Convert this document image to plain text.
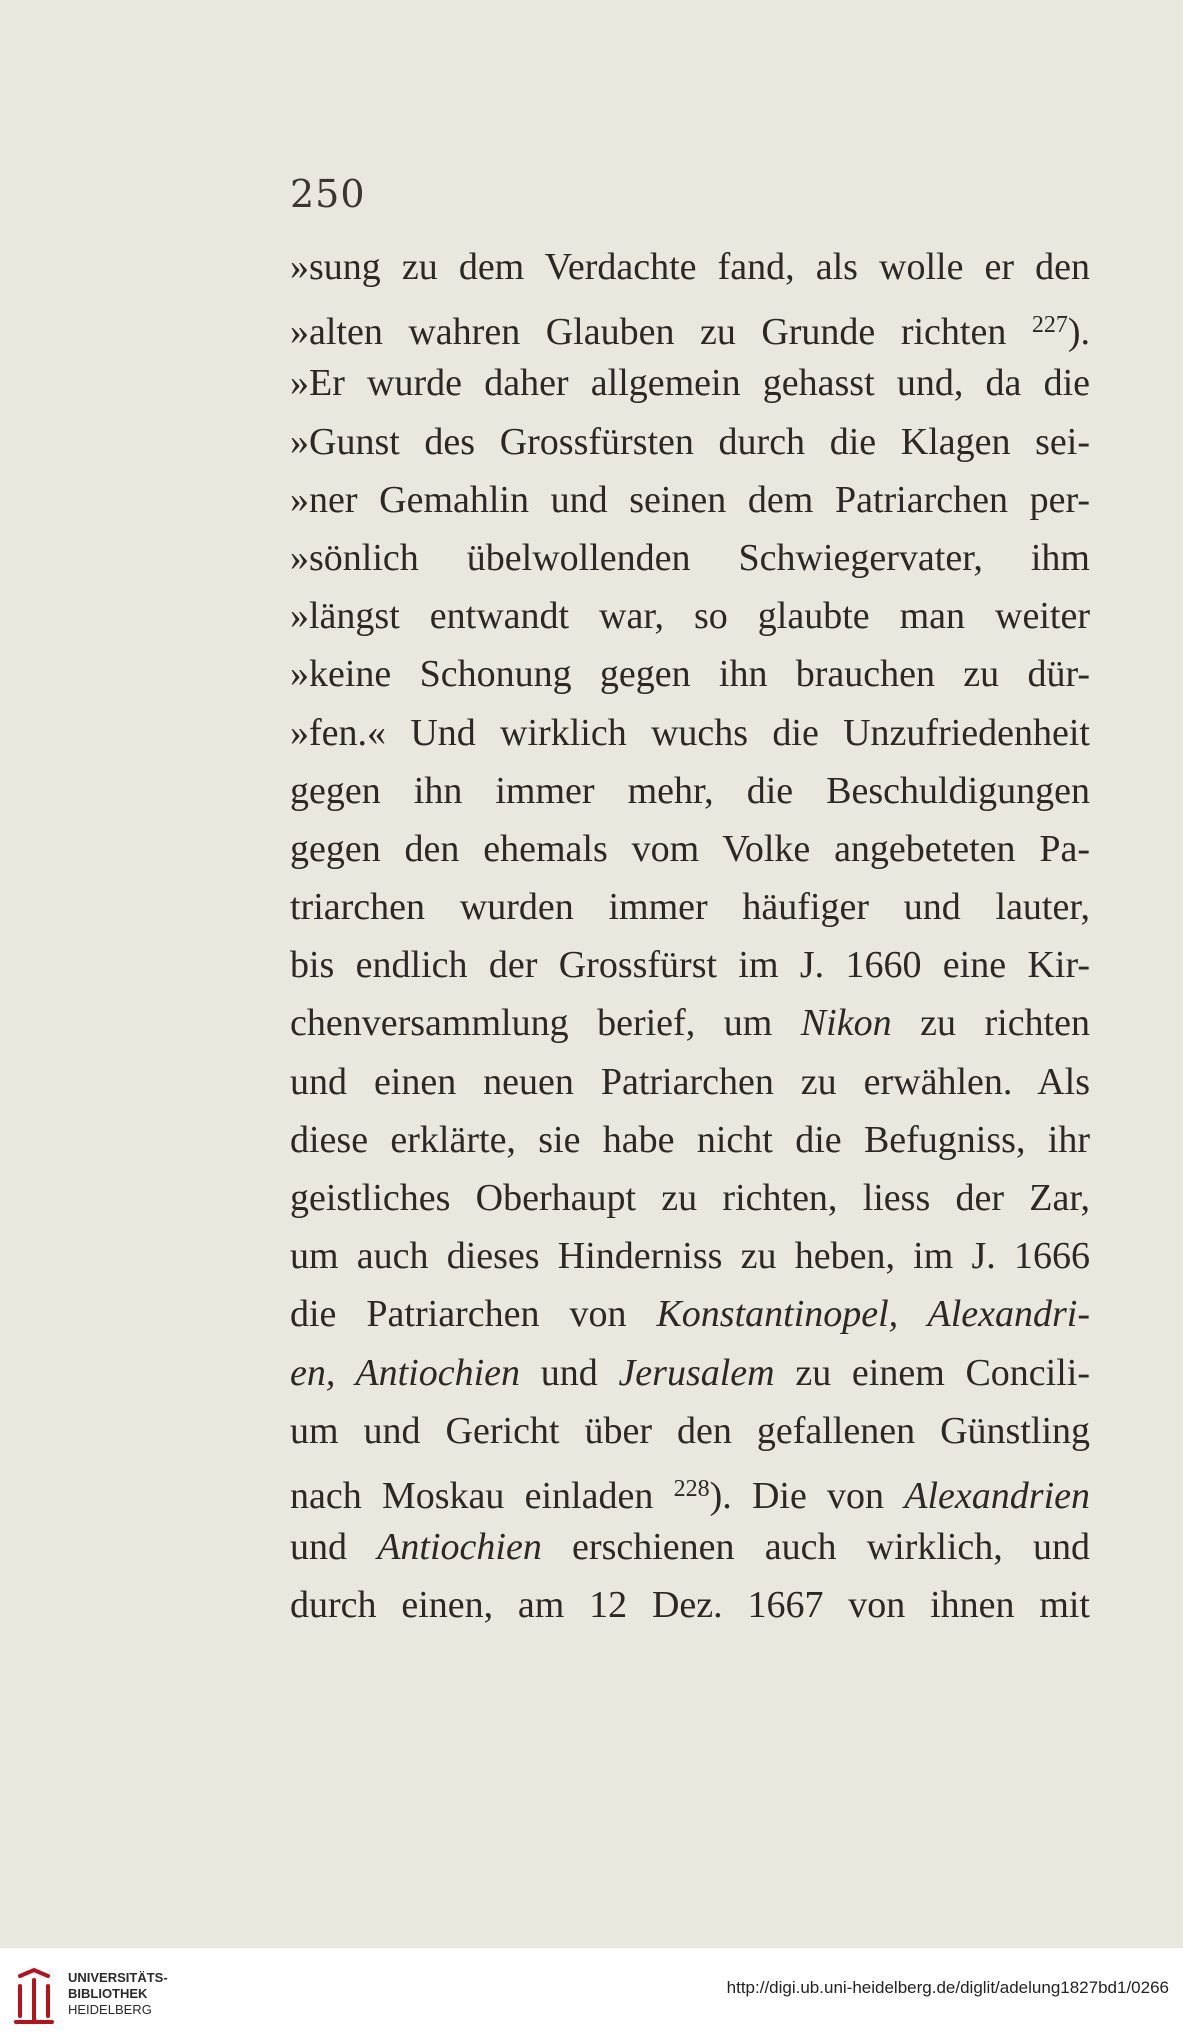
250
»sung zu dem Verdachte fand, als wolle er den
»alten wahren Glauben zu Grunde richten $^{227}$).
»Er wurde daher allgemein gehasst und, da die
»Gunst des Grossfürsten durch die Klagen sei-
»ner Gemahlin und seinen dem Patriarchen per-
»sönlich übelwollenden Schwiegervater, ihm
»längst entwandt war, so glaubte man weiter
»keine Schonung gegen ihn brauchen zu dür-
»fen.« Und wirklich wuchs die Unzufriedenheit
gegen ihn immer mehr, die Beschuldigungen
gegen den ehemals vom Volke angebeteten Pa-
triarchen wurden immer häufiger und lauter,
bis endlich der Grossfürst im J. 1660 eine Kir-
chenversammlung berief, um Nikon zu richten
und einen neuen Patriarchen zu erwählen. Als
diese erklärte, sie habe nicht die Befugniss, ihr
geistliches Oberhaupt zu richten, liess der Zar,
um auch dieses Hinderniss zu heben, im J. 1666
die Patriarchen von Konstantinopel, Alexandri-
en, Antiochien und Jerusalem zu einem Concili-
um und Gericht über den gefallenen Günstling
nach Moskau einladen $^{228}$). Die von Alexandrien
und Antiochien erschienen auch wirklich, und
durch einen, am 12 Dez. 1667 von ihnen mit
UNIVERSITÄTS-
BIBLIOTHEK
HEIDELBERG
http://digi.ub.uni-heidelberg.de/diglit/adelung1827bd1/0266
